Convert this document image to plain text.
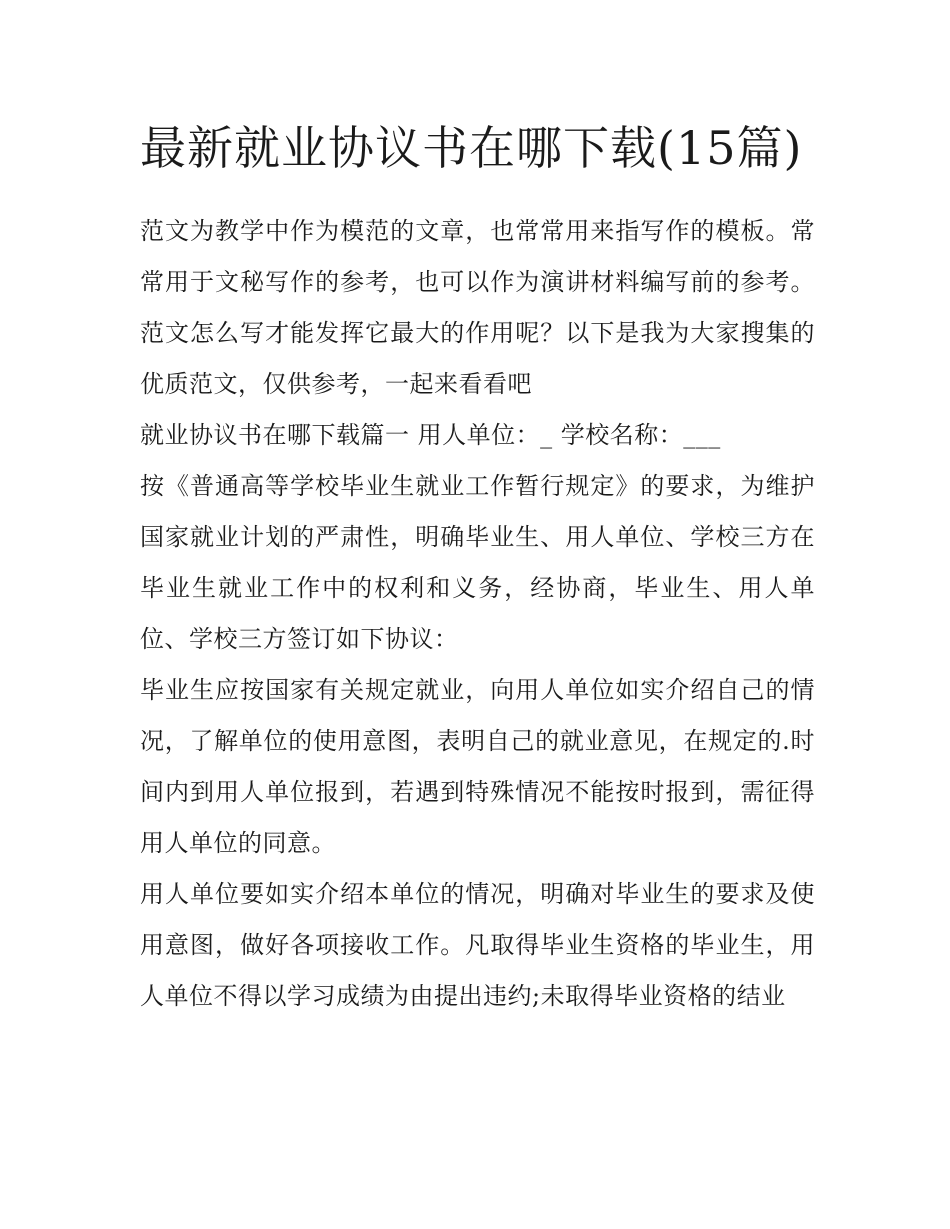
最新就业协议书在哪下载(15篇)

范文为教学中作为模范的文章，也常常用来指写作的模板。常常用于文秘写作的参考，也可以作为演讲材料编写前的参考。范文怎么写才能发挥它最大的作用呢？以下是我为大家搜集的优质范文，仅供参考，一起来看看吧

就业协议书在哪下载篇一 用人单位：_ 学校名称：___

按《普通高等学校毕业生就业工作暂行规定》的要求，为维护国家就业计划的严肃性，明确毕业生、用人单位、学校三方在毕业生就业工作中的权利和义务，经协商，毕业生、用人单位、学校三方签订如下协议：

毕业生应按国家有关规定就业，向用人单位如实介绍自己的情况，了解单位的使用意图，表明自己的就业意见，在规定的.时间内到用人单位报到，若遇到特殊情况不能按时报到，需征得用人单位的同意。

用人单位要如实介绍本单位的情况，明确对毕业生的要求及使用意图，做好各项接收工作。凡取得毕业生资格的毕业生，用人单位不得以学习成绩为由提出违约;未取得毕业资格的结业
